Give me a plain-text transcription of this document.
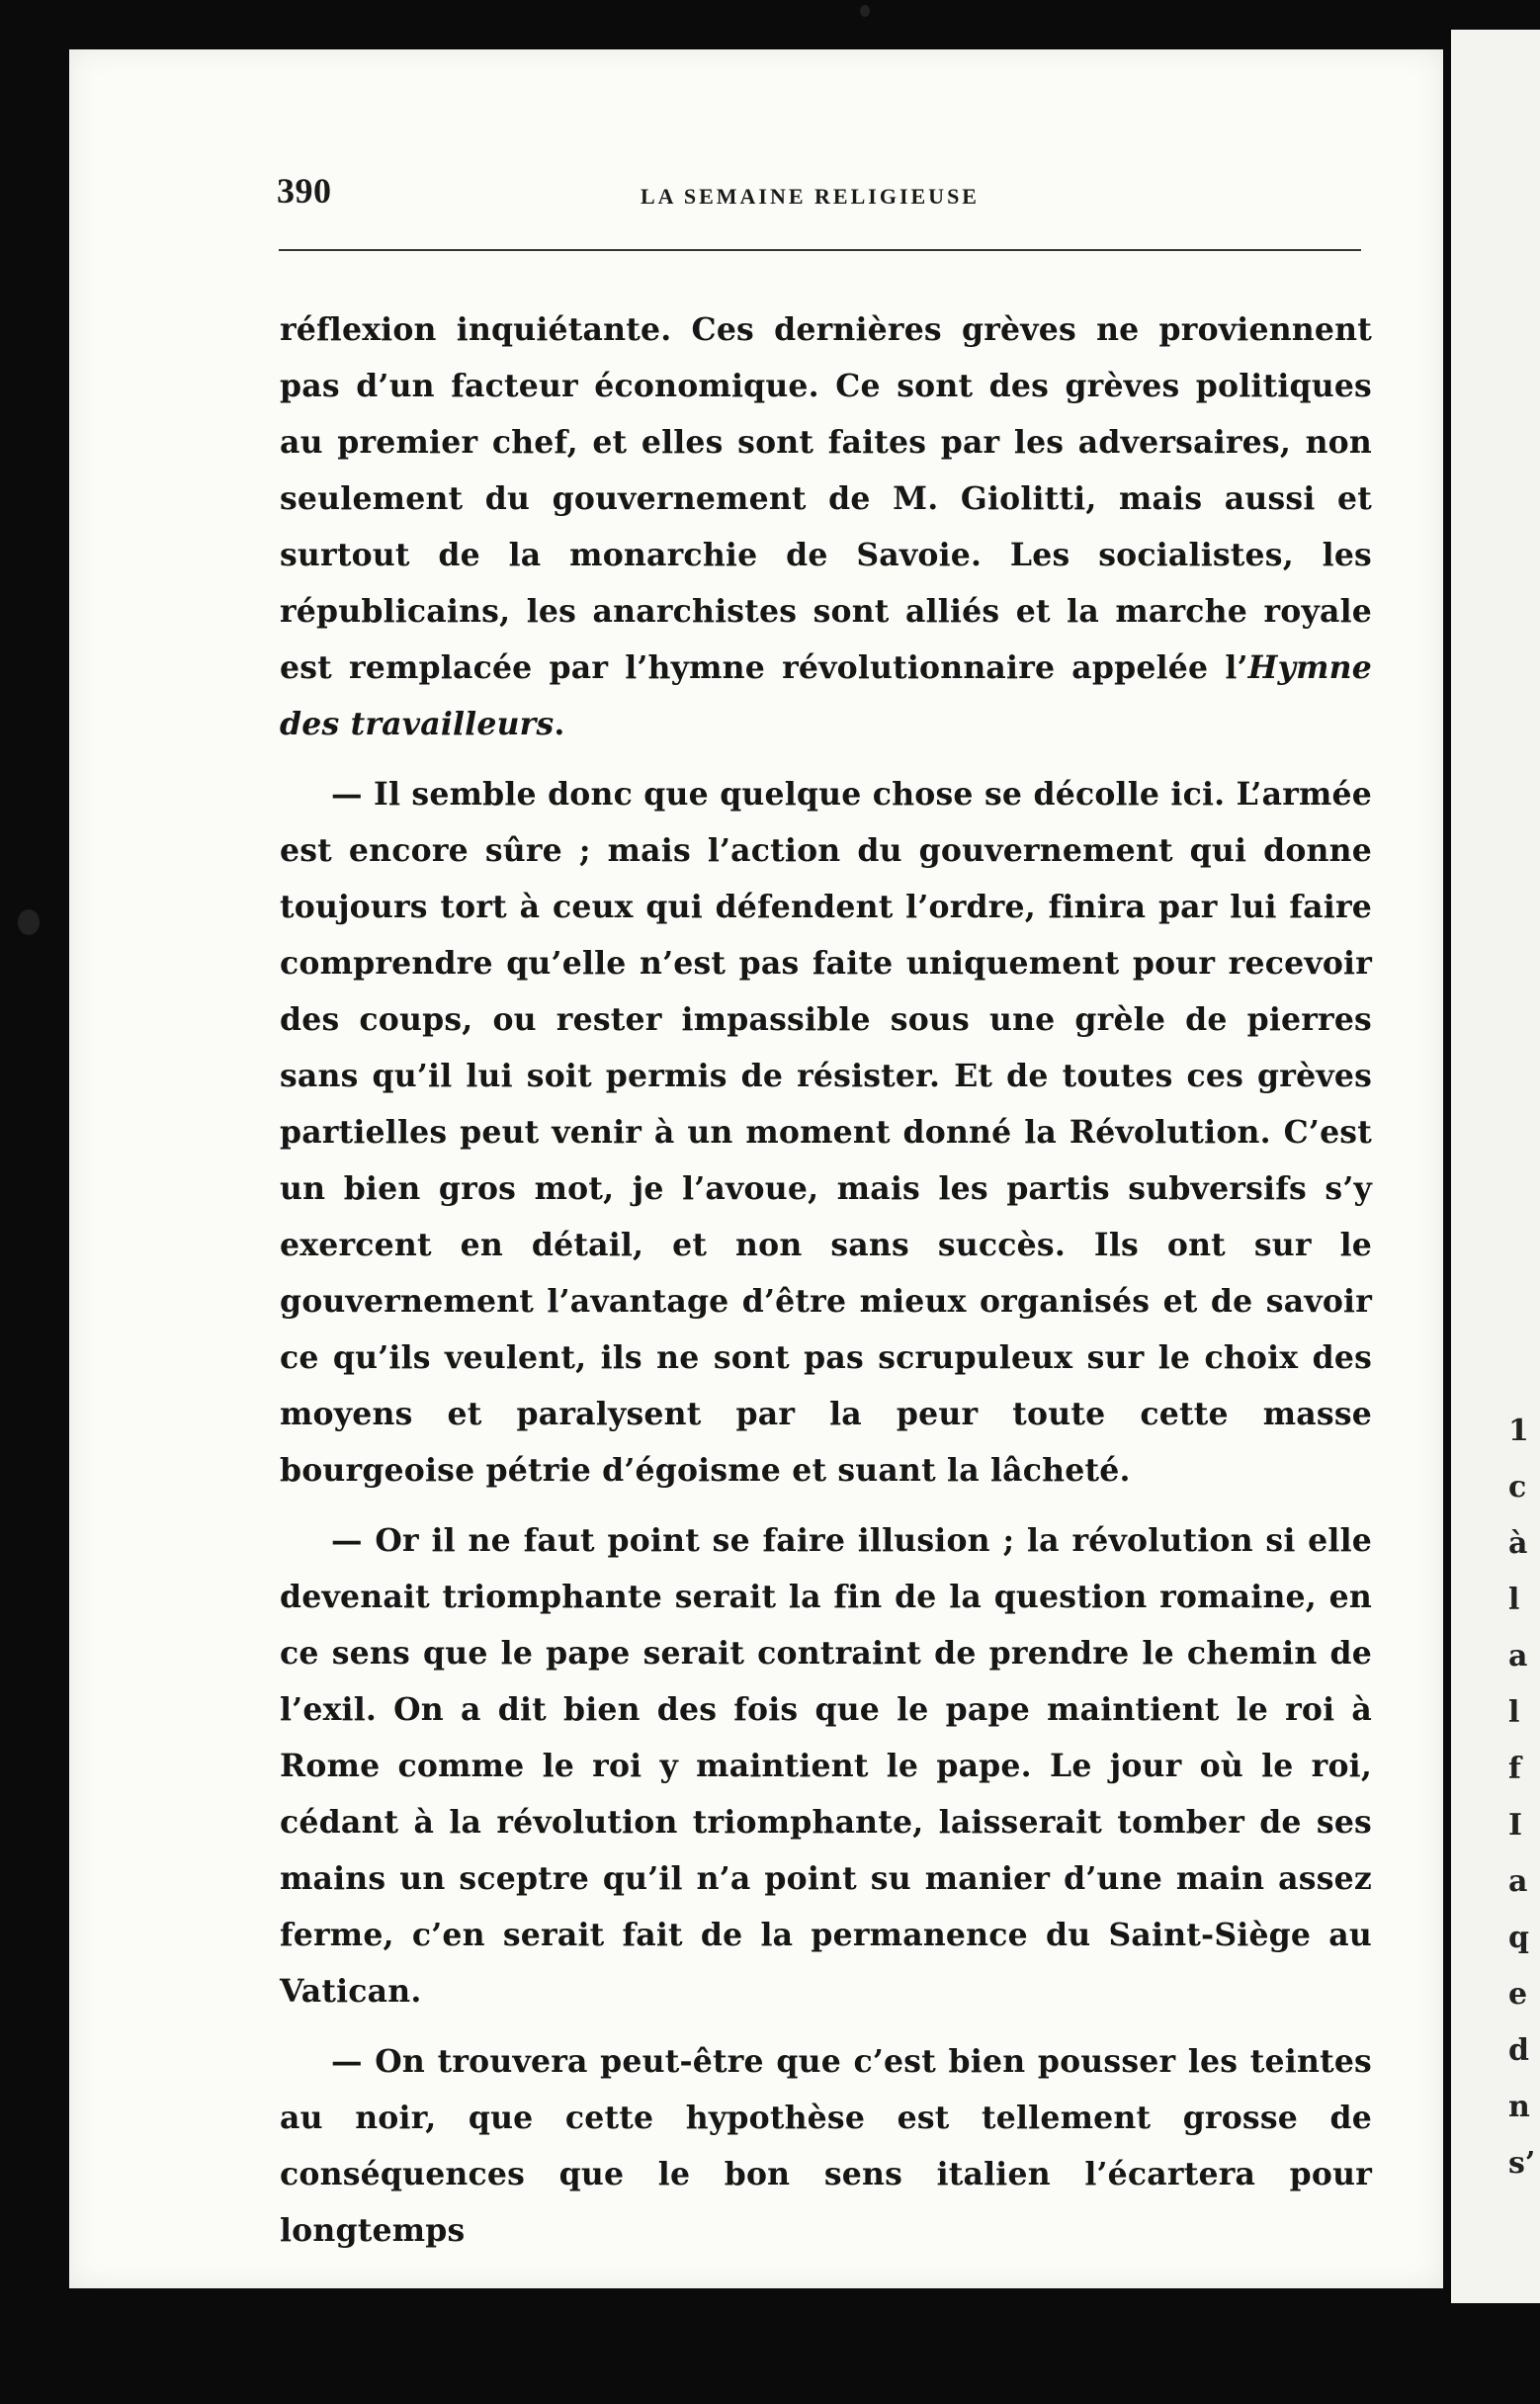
1
c
à
l
a
l
f
I
a
q
e
d
n
s’
390	LA SEMAINE RELIGIEUSE

réflexion inquiétante. Ces dernières grèves ne proviennent pas d’un facteur économique. Ce sont des grèves politiques au premier chef, et elles sont faites par les adversaires, non seulement du gouvernement de M. Giolitti, mais aussi et surtout de la monarchie de Savoie. Les socialistes, les républicains, les anarchistes sont alliés et la marche royale est remplacée par l’hymne révolutionnaire appelée l’Hymne des travailleurs.

— Il semble donc que quelque chose se décolle ici. L’armée est encore sûre ; mais l’action du gouvernement qui donne toujours tort à ceux qui défendent l’ordre, finira par lui faire comprendre qu’elle n’est pas faite uniquement pour recevoir des coups, ou rester impassible sous une grèle de pierres sans qu’il lui soit permis de résister. Et de toutes ces grèves partielles peut venir à un moment donné la Révolution. C’est un bien gros mot, je l’avoue, mais les partis subversifs s’y exercent en détail, et non sans succès. Ils ont sur le gouvernement l’avantage d’être mieux organisés et de savoir ce qu’ils veulent, ils ne sont pas scrupuleux sur le choix des moyens et paralysent par la peur toute cette masse bourgeoise pétrie d’égoisme et suant la lâcheté.

— Or il ne faut point se faire illusion ; la révolution si elle devenait triomphante serait la fin de la question romaine, en ce sens que le pape serait contraint de prendre le chemin de l’exil. On a dit bien des fois que le pape maintient le roi à Rome comme le roi y maintient le pape. Le jour où le roi, cédant à la révolution triomphante, laisserait tomber de ses mains un sceptre qu’il n’a point su manier d’une main assez ferme, c’en serait fait de la permanence du Saint-Siège au Vatican.

— On trouvera peut-être que c’est bien pousser les teintes au noir, que cette hypothèse est tellement grosse de conséquences que le bon sens italien l’écartera pour longtemps
